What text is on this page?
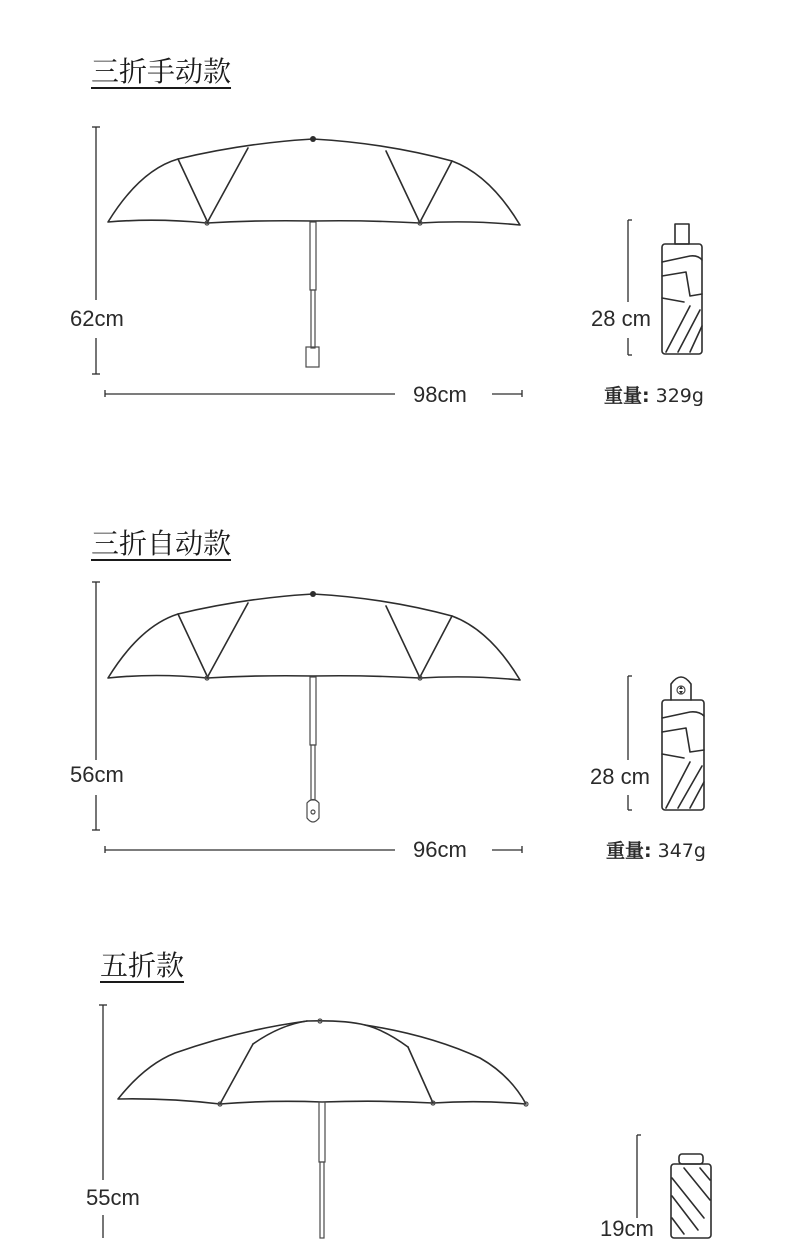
三折手动款
62cm
98cm
28 cm
重量: 329g
三折自动款
56cm
96cm
28 cm
重量: 347g
五折款
55cm
19cm
